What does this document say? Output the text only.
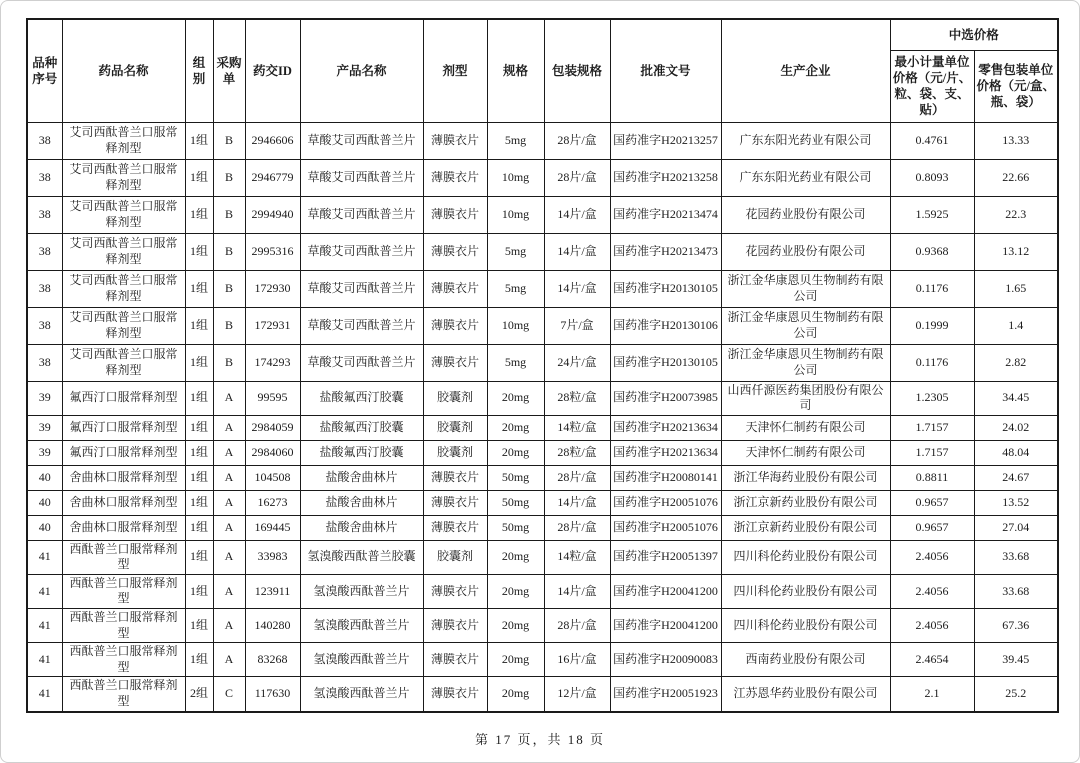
品种序号	药品名称	组别	采购单	药交ID	产品名称	剂型	规格	包装规格	批准文号	生产企业	中选价格	
											最小计量单位价格（元/片、粒、袋、支、贴）	零售包装单位价格（元/盒、瓶、袋）
38	艾司西酞普兰口服常释剂型	1组	B	2946606	草酸艾司西酞普兰片	薄膜衣片	5mg	28片/盒	国药准字H20213257	广东东阳光药业有限公司	0.4761	13.33
38	艾司西酞普兰口服常释剂型	1组	B	2946779	草酸艾司西酞普兰片	薄膜衣片	10mg	28片/盒	国药准字H20213258	广东东阳光药业有限公司	0.8093	22.66
38	艾司西酞普兰口服常释剂型	1组	B	2994940	草酸艾司西酞普兰片	薄膜衣片	10mg	14片/盒	国药准字H20213474	花园药业股份有限公司	1.5925	22.3
38	艾司西酞普兰口服常释剂型	1组	B	2995316	草酸艾司西酞普兰片	薄膜衣片	5mg	14片/盒	国药准字H20213473	花园药业股份有限公司	0.9368	13.12
38	艾司西酞普兰口服常释剂型	1组	B	172930	草酸艾司西酞普兰片	薄膜衣片	5mg	14片/盒	国药准字H20130105	浙江金华康恩贝生物制药有限公司	0.1176	1.65
38	艾司西酞普兰口服常释剂型	1组	B	172931	草酸艾司西酞普兰片	薄膜衣片	10mg	7片/盒	国药准字H20130106	浙江金华康恩贝生物制药有限公司	0.1999	1.4
38	艾司西酞普兰口服常释剂型	1组	B	174293	草酸艾司西酞普兰片	薄膜衣片	5mg	24片/盒	国药准字H20130105	浙江金华康恩贝生物制药有限公司	0.1176	2.82
39	氟西汀口服常释剂型	1组	A	99595	盐酸氟西汀胶囊	胶囊剂	20mg	28粒/盒	国药准字H20073985	山西仟源医药集团股份有限公司	1.2305	34.45
39	氟西汀口服常释剂型	1组	A	2984059	盐酸氟西汀胶囊	胶囊剂	20mg	14粒/盒	国药准字H20213634	天津怀仁制药有限公司	1.7157	24.02
39	氟西汀口服常释剂型	1组	A	2984060	盐酸氟西汀胶囊	胶囊剂	20mg	28粒/盒	国药准字H20213634	天津怀仁制药有限公司	1.7157	48.04
40	舍曲林口服常释剂型	1组	A	104508	盐酸舍曲林片	薄膜衣片	50mg	28片/盒	国药准字H20080141	浙江华海药业股份有限公司	0.8811	24.67
40	舍曲林口服常释剂型	1组	A	16273	盐酸舍曲林片	薄膜衣片	50mg	14片/盒	国药准字H20051076	浙江京新药业股份有限公司	0.9657	13.52
40	舍曲林口服常释剂型	1组	A	169445	盐酸舍曲林片	薄膜衣片	50mg	28片/盒	国药准字H20051076	浙江京新药业股份有限公司	0.9657	27.04
41	西酞普兰口服常释剂型	1组	A	33983	氢溴酸西酞普兰胶囊	胶囊剂	20mg	14粒/盒	国药准字H20051397	四川科伦药业股份有限公司	2.4056	33.68
41	西酞普兰口服常释剂型	1组	A	123911	氢溴酸西酞普兰片	薄膜衣片	20mg	14片/盒	国药准字H20041200	四川科伦药业股份有限公司	2.4056	33.68
41	西酞普兰口服常释剂型	1组	A	140280	氢溴酸西酞普兰片	薄膜衣片	20mg	28片/盒	国药准字H20041200	四川科伦药业股份有限公司	2.4056	67.36
41	西酞普兰口服常释剂型	1组	A	83268	氢溴酸西酞普兰片	薄膜衣片	20mg	16片/盒	国药准字H20090083	西南药业股份有限公司	2.4654	39.45
41	西酞普兰口服常释剂型	2组	C	117630	氢溴酸西酞普兰片	薄膜衣片	20mg	12片/盒	国药准字H20051923	江苏恩华药业股份有限公司	2.1	25.2
第 17 页，共 18 页
